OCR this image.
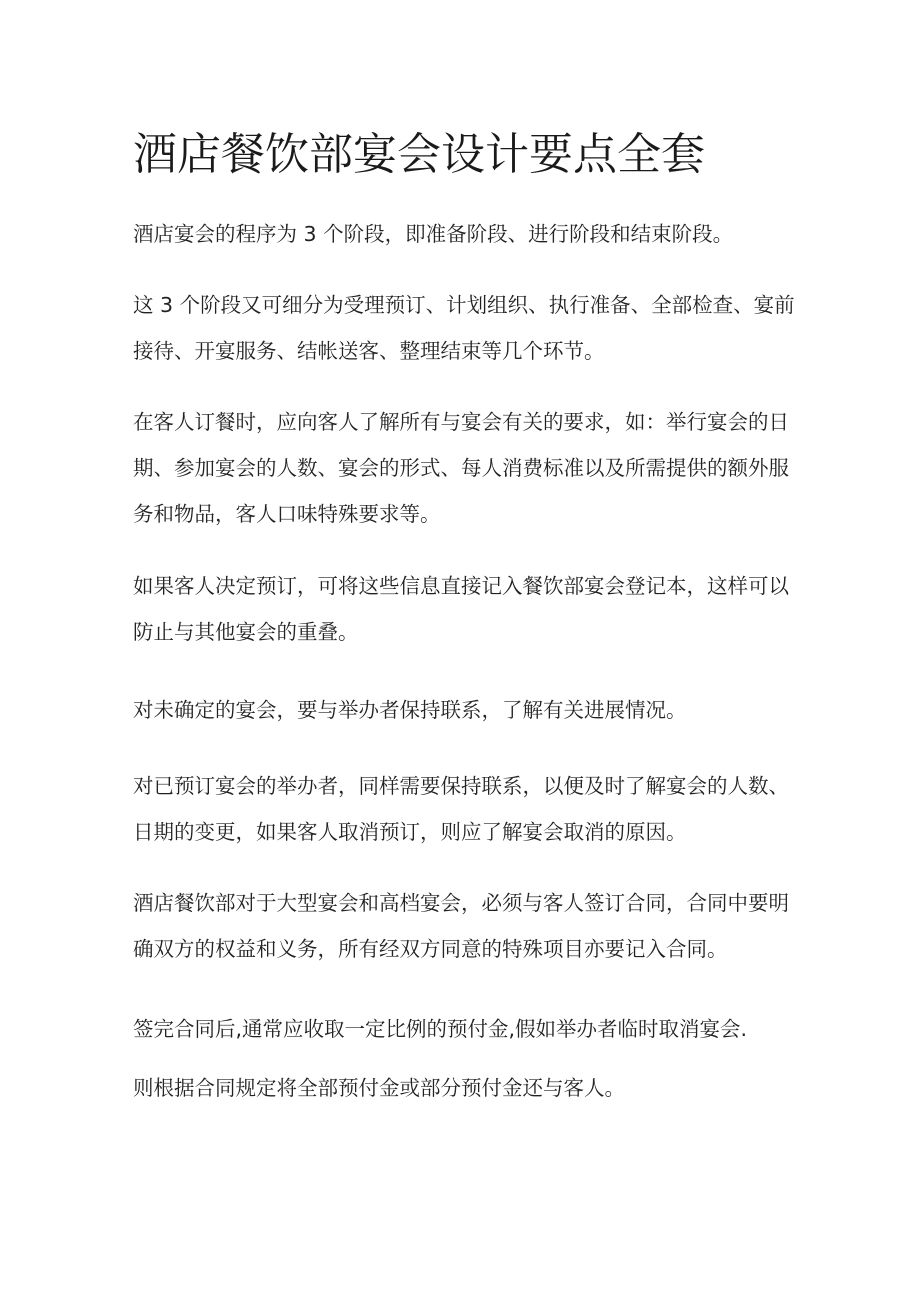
酒店餐饮部宴会设计要点全套

酒店宴会的程序为 3 个阶段，即准备阶段、进行阶段和结束阶段。

这 3 个阶段又可细分为受理预订、计划组织、执行准备、全部检查、宴前接待、开宴服务、结帐送客、整理结束等几个环节。

在客人订餐时，应向客人了解所有与宴会有关的要求，如：举行宴会的日期、参加宴会的人数、宴会的形式、每人消费标准以及所需提供的额外服务和物品，客人口味特殊要求等。

如果客人决定预订，可将这些信息直接记入餐饮部宴会登记本，这样可以防止与其他宴会的重叠。

对未确定的宴会，要与举办者保持联系，了解有关进展情况。

对已预订宴会的举办者，同样需要保持联系，以便及时了解宴会的人数、日期的变更，如果客人取消预订，则应了解宴会取消的原因。

酒店餐饮部对于大型宴会和高档宴会，必须与客人签订合同，合同中要明确双方的权益和义务，所有经双方同意的特殊项目亦要记入合同。

签完合同后,通常应收取一定比例的预付金,假如举办者临时取消宴会.

则根据合同规定将全部预付金或部分预付金还与客人。
